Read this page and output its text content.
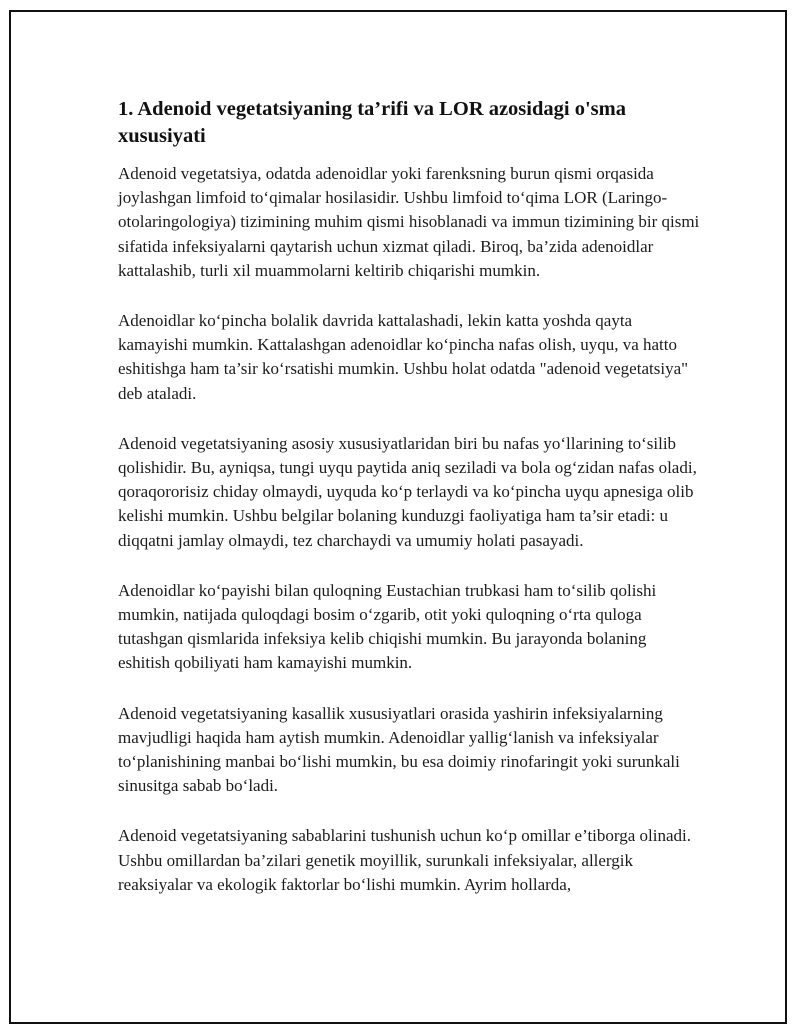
1. Adenoid vegetatsiyaning ta’rifi va LOR azosidagi o'sma xususiyati

Adenoid vegetatsiya, odatda adenoidlar yoki farenksning burun qismi orqasida joylashgan limfoid to‘qimalar hosilasidir. Ushbu limfoid to‘qima LOR (Laringo-otolaringologiya) tizimining muhim qismi hisoblanadi va immun tizimining bir qismi sifatida infeksiyalarni qaytarish uchun xizmat qiladi. Biroq, ba’zida adenoidlar kattalashib, turli xil muammolarni keltirib chiqarishi mumkin.

Adenoidlar ko‘pincha bolalik davrida kattalashadi, lekin katta yoshda qayta kamayishi mumkin. Kattalashgan adenoidlar ko‘pincha nafas olish, uyqu, va hatto eshitishga ham ta’sir ko‘rsatishi mumkin. Ushbu holat odatda "adenoid vegetatsiya" deb ataladi.

Adenoid vegetatsiyaning asosiy xususiyatlaridan biri bu nafas yo‘llarining to‘silib qolishidir. Bu, ayniqsa, tungi uyqu paytida aniq seziladi va bola og‘zidan nafas oladi, qoraqororisiz chiday olmaydi, uyquda ko‘p terlaydi va ko‘pincha uyqu apnesiga olib kelishi mumkin. Ushbu belgilar bolaning kunduzgi faoliyatiga ham ta’sir etadi: u diqqatni jamlay olmaydi, tez charchaydi va umumiy holati pasayadi.

Adenoidlar ko‘payishi bilan quloqning Eustachian trubkasi ham to‘silib qolishi mumkin, natijada quloqdagi bosim o‘zgarib, otit yoki quloqning o‘rta quloga tutashgan qismlarida infeksiya kelib chiqishi mumkin. Bu jarayonda bolaning eshitish qobiliyati ham kamayishi mumkin.

Adenoid vegetatsiyaning kasallik xususiyatlari orasida yashirin infeksiyalarning mavjudligi haqida ham aytish mumkin. Adenoidlar yallig‘lanish va infeksiyalar to‘planishining manbai bo‘lishi mumkin, bu esa doimiy rinofaringit yoki surunkali sinusitga sabab bo‘ladi.

Adenoid vegetatsiyaning sabablarini tushunish uchun ko‘p omillar e’tiborga olinadi. Ushbu omillardan ba’zilari genetik moyillik, surunkali infeksiyalar, allergik reaksiyalar va ekologik faktorlar bo‘lishi mumkin. Ayrim hollarda,
